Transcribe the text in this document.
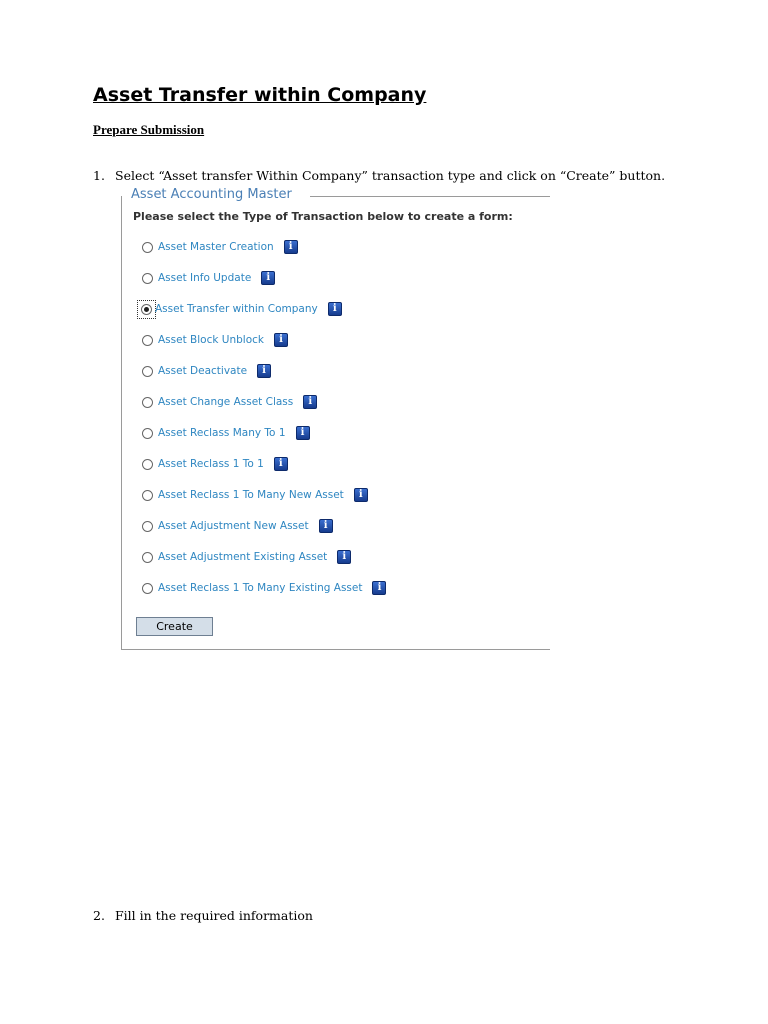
Asset Transfer within Company
Prepare Submission
1. Select “Asset transfer Within Company” transaction type and click on “Create” button.
Asset Accounting Master
Please select the Type of Transaction below to create a form:
Asset Master Creation	i
Asset Info Update	i
Asset Transfer within Company	i
Asset Block Unblock	i
Asset Deactivate	i
Asset Change Asset Class	i
Asset Reclass Many To 1	i
Asset Reclass 1 To 1	i
Asset Reclass 1 To Many New Asset	i
Asset Adjustment New Asset	i
Asset Adjustment Existing Asset	i
Asset Reclass 1 To Many Existing Asset	i
Create
2. Fill in the required information
